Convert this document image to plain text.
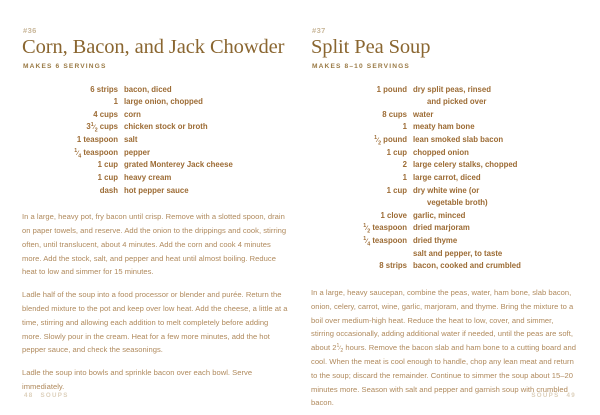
#36
Corn, Bacon, and Jack Chowder
MAKES 6 SERVINGS
6 strips bacon, diced
1 large onion, chopped
4 cups corn
$3^1⁄_2$ cups chicken stock or broth
1 teaspoon salt
$^1⁄_4$ teaspoon pepper
1 cup grated Monterey Jack cheese
1 cup heavy cream
dash hot pepper sauce

In a large, heavy pot, fry bacon until crisp. Remove with a slotted spoon, drain on paper towels, and reserve. Add the onion to the drippings and cook, stirring often, until translucent, about 4 minutes. Add the corn and cook 4 minutes more. Add the stock, salt, and pepper and heat until almost boiling. Reduce heat to low and simmer for 15 minutes.

Ladle half of the soup into a food processor or blender and purée. Return the blended mixture to the pot and keep over low heat. Add the cheese, a little at a time, stirring and allowing each addition to melt completely before adding more. Slowly pour in the cream. Heat for a few more minutes, add the hot pepper sauce, and check the seasonings.

Ladle the soup into bowls and sprinkle bacon over each bowl. Serve immediately.

#37
Split Pea Soup
MAKES 8–10 SERVINGS
1 pound dry split peas, rinsed
and picked over
8 cups water
1 meaty ham bone
$^1⁄_2$ pound lean smoked slab bacon
1 cup chopped onion
2 large celery stalks, chopped
1 large carrot, diced
1 cup dry white wine (or
vegetable broth)
1 clove garlic, minced
$^1⁄_2$ teaspoon dried marjoram
$^1⁄_4$ teaspoon dried thyme
salt and pepper, to taste
8 strips bacon, cooked and crumbled

In a large, heavy saucepan, combine the peas, water, ham bone, slab bacon, onion, celery, carrot, wine, garlic, marjoram, and thyme. Bring the mixture to a boil over medium-high heat. Reduce the heat to low, cover, and simmer, stirring occasionally, adding additional water if needed, until the peas are soft, about $2^1⁄_2$ hours. Remove the bacon slab and ham bone to a cutting board and cool. When the meat is cool enough to handle, chop any lean meat and return to the soup; discard the remainder. Continue to simmer the soup about 15–20 minutes more. Season with salt and pepper and garnish soup with crumbled bacon.

48 SOUPS	SOUPS 49
